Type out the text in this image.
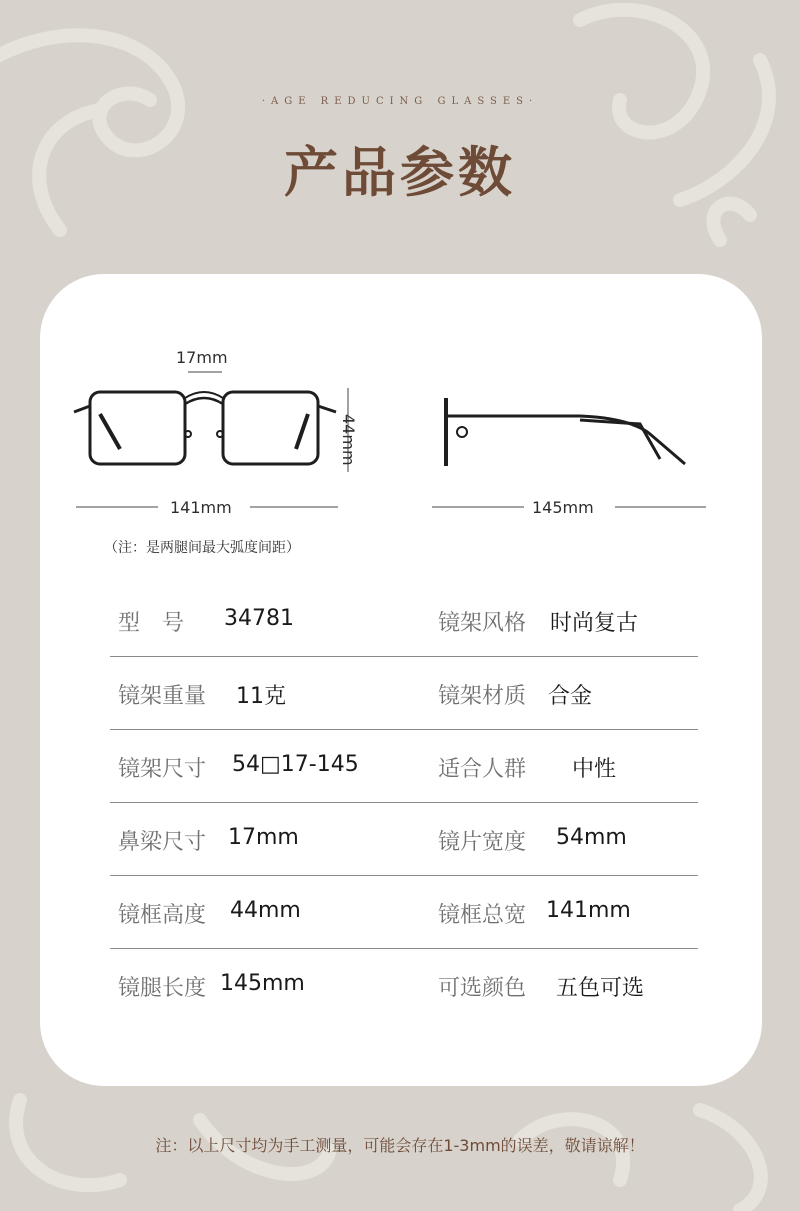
·AGE REDUCING GLASSES·
产品参数
17mm
44mm
141mm	145mm
（注：是两腿间最大弧度间距）
型　号 34781	镜架风格 时尚复古
镜架重量 11克	镜架材质 合金
镜架尺寸 54□17-145	适合人群 中性
鼻梁尺寸 17mm	镜片宽度 54mm
镜框高度 44mm	镜框总宽 141mm
镜腿长度 145mm	可选颜色 五色可选
注：以上尺寸均为手工测量，可能会存在1-3mm的误差，敬请谅解！
